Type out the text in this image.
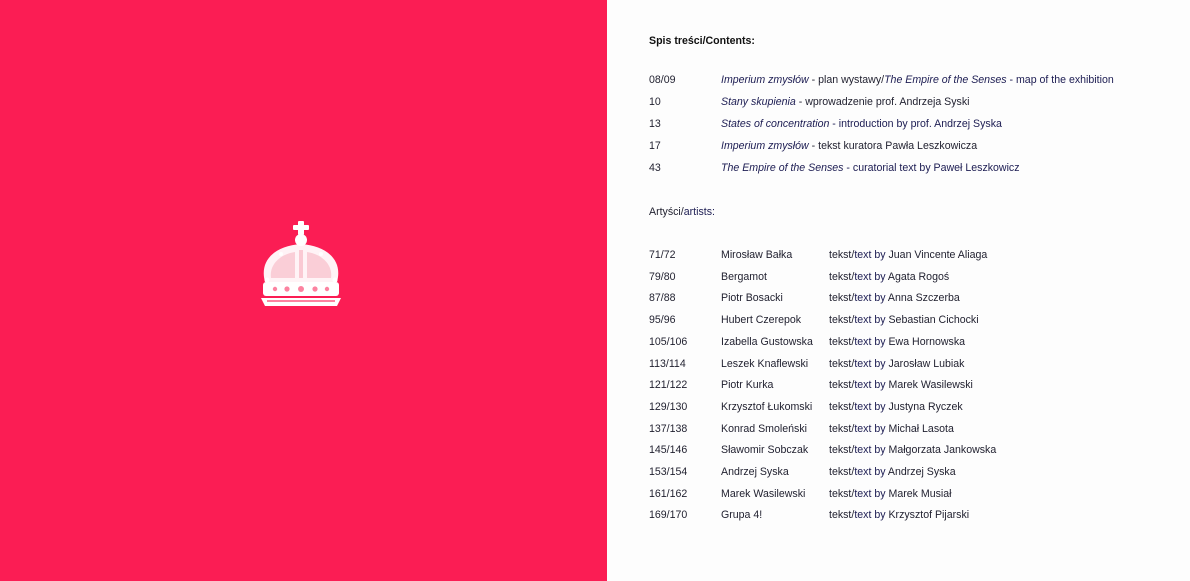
Spis treści/Contents:
08/09	Imperium zmysłów - plan wystawy/The Empire of the Senses - map of the exhibition
10	Stany skupienia - wprowadzenie prof. Andrzeja Syski
13	States of concentration - introduction by prof. Andrzej Syska
17	Imperium zmysłów - tekst kuratora Pawła Leszkowicza
43	The Empire of the Senses - curatorial text by Paweł Leszkowicz
Artyści/artists:
71/72	Mirosław Bałka	tekst/text by Juan Vincente Aliaga
79/80	Bergamot	tekst/text by Agata Rogoś
87/88	Piotr Bosacki	tekst/text by Anna Szczerba
95/96	Hubert Czerepok	tekst/text by Sebastian Cichocki
105/106	Izabella Gustowska tekst/text by Ewa Hornowska
113/114	Leszek Knaflewski tekst/text by Jarosław Lubiak
121/122	Piotr Kurka	tekst/text by Marek Wasilewski
129/130	Krzysztof Łukomski tekst/text by Justyna Ryczek
137/138	Konrad Smoleński tekst/text by Michał Lasota
145/146	Sławomir Sobczak tekst/text by Małgorzata Jankowska
153/154	Andrzej Syska	tekst/text by Andrzej Syska
161/162	Marek Wasilewski tekst/text by Marek Musiał
169/170	Grupa 4!	tekst/text by Krzysztof Pijarski
